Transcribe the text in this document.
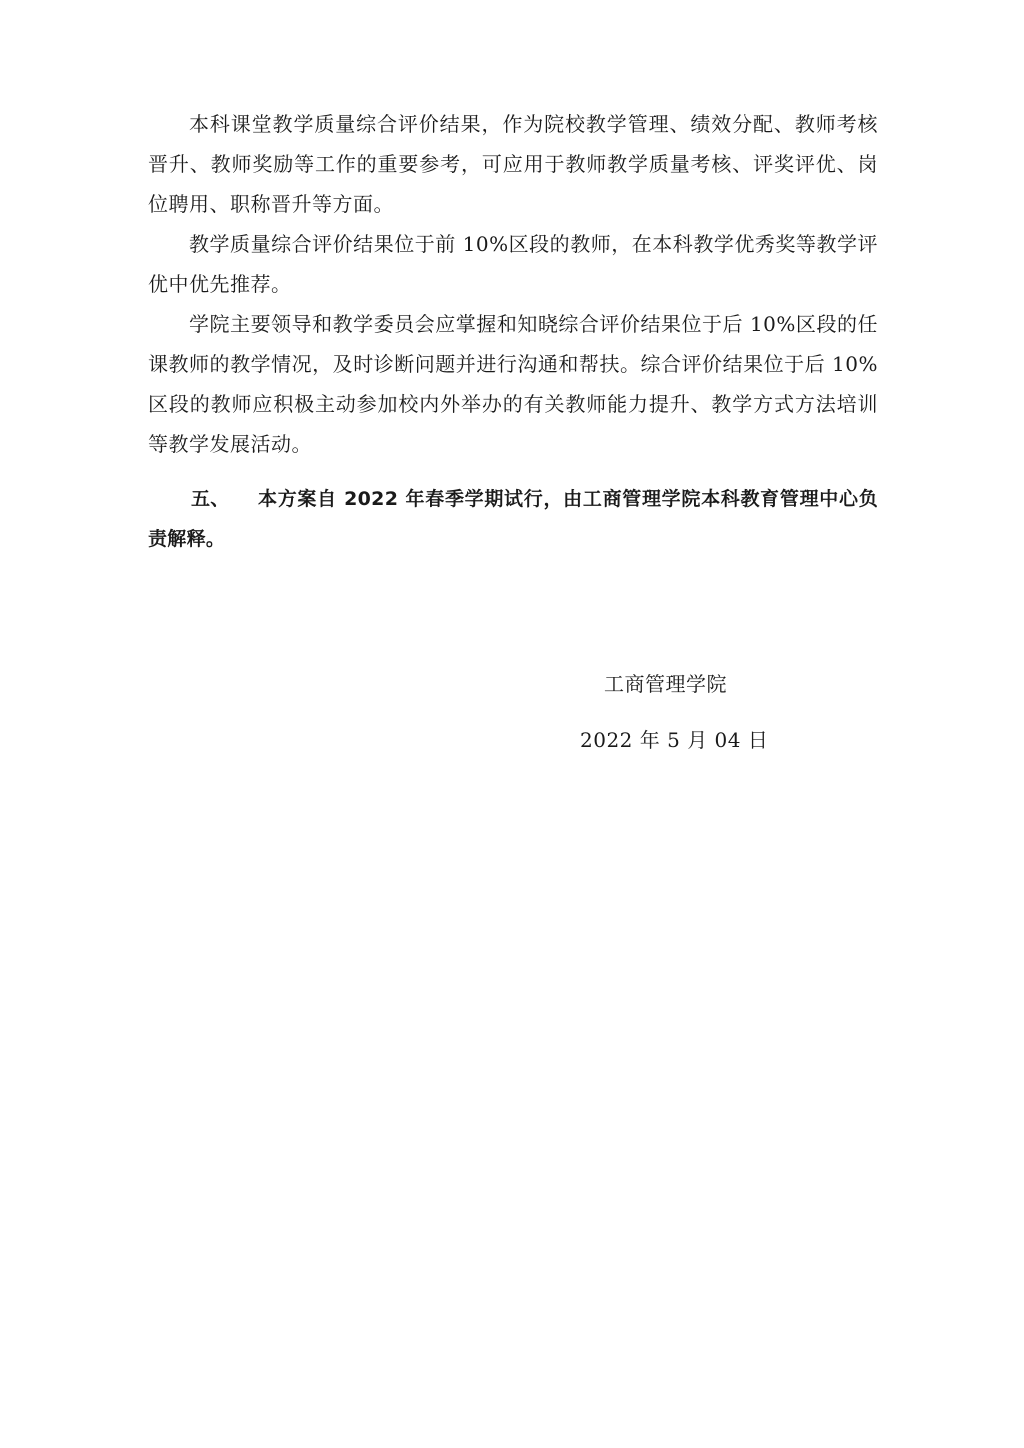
本科课堂教学质量综合评价结果，作为院校教学管理、绩效分配、教师考核晋升、教师奖励等工作的重要参考，可应用于教师教学质量考核、评奖评优、岗位聘用、职称晋升等方面。

教学质量综合评价结果位于前 10%区段的教师，在本科教学优秀奖等教学评优中优先推荐。

学院主要领导和教学委员会应掌握和知晓综合评价结果位于后 10%区段的任课教师的教学情况，及时诊断问题并进行沟通和帮扶。综合评价结果位于后 10%区段的教师应积极主动参加校内外举办的有关教师能力提升、教学方式方法培训等教学发展活动。

五、 本方案自 2022 年春季学期试行，由工商管理学院本科教育管理中心负责解释。
工商管理学院
2022 年 5 月 04 日
